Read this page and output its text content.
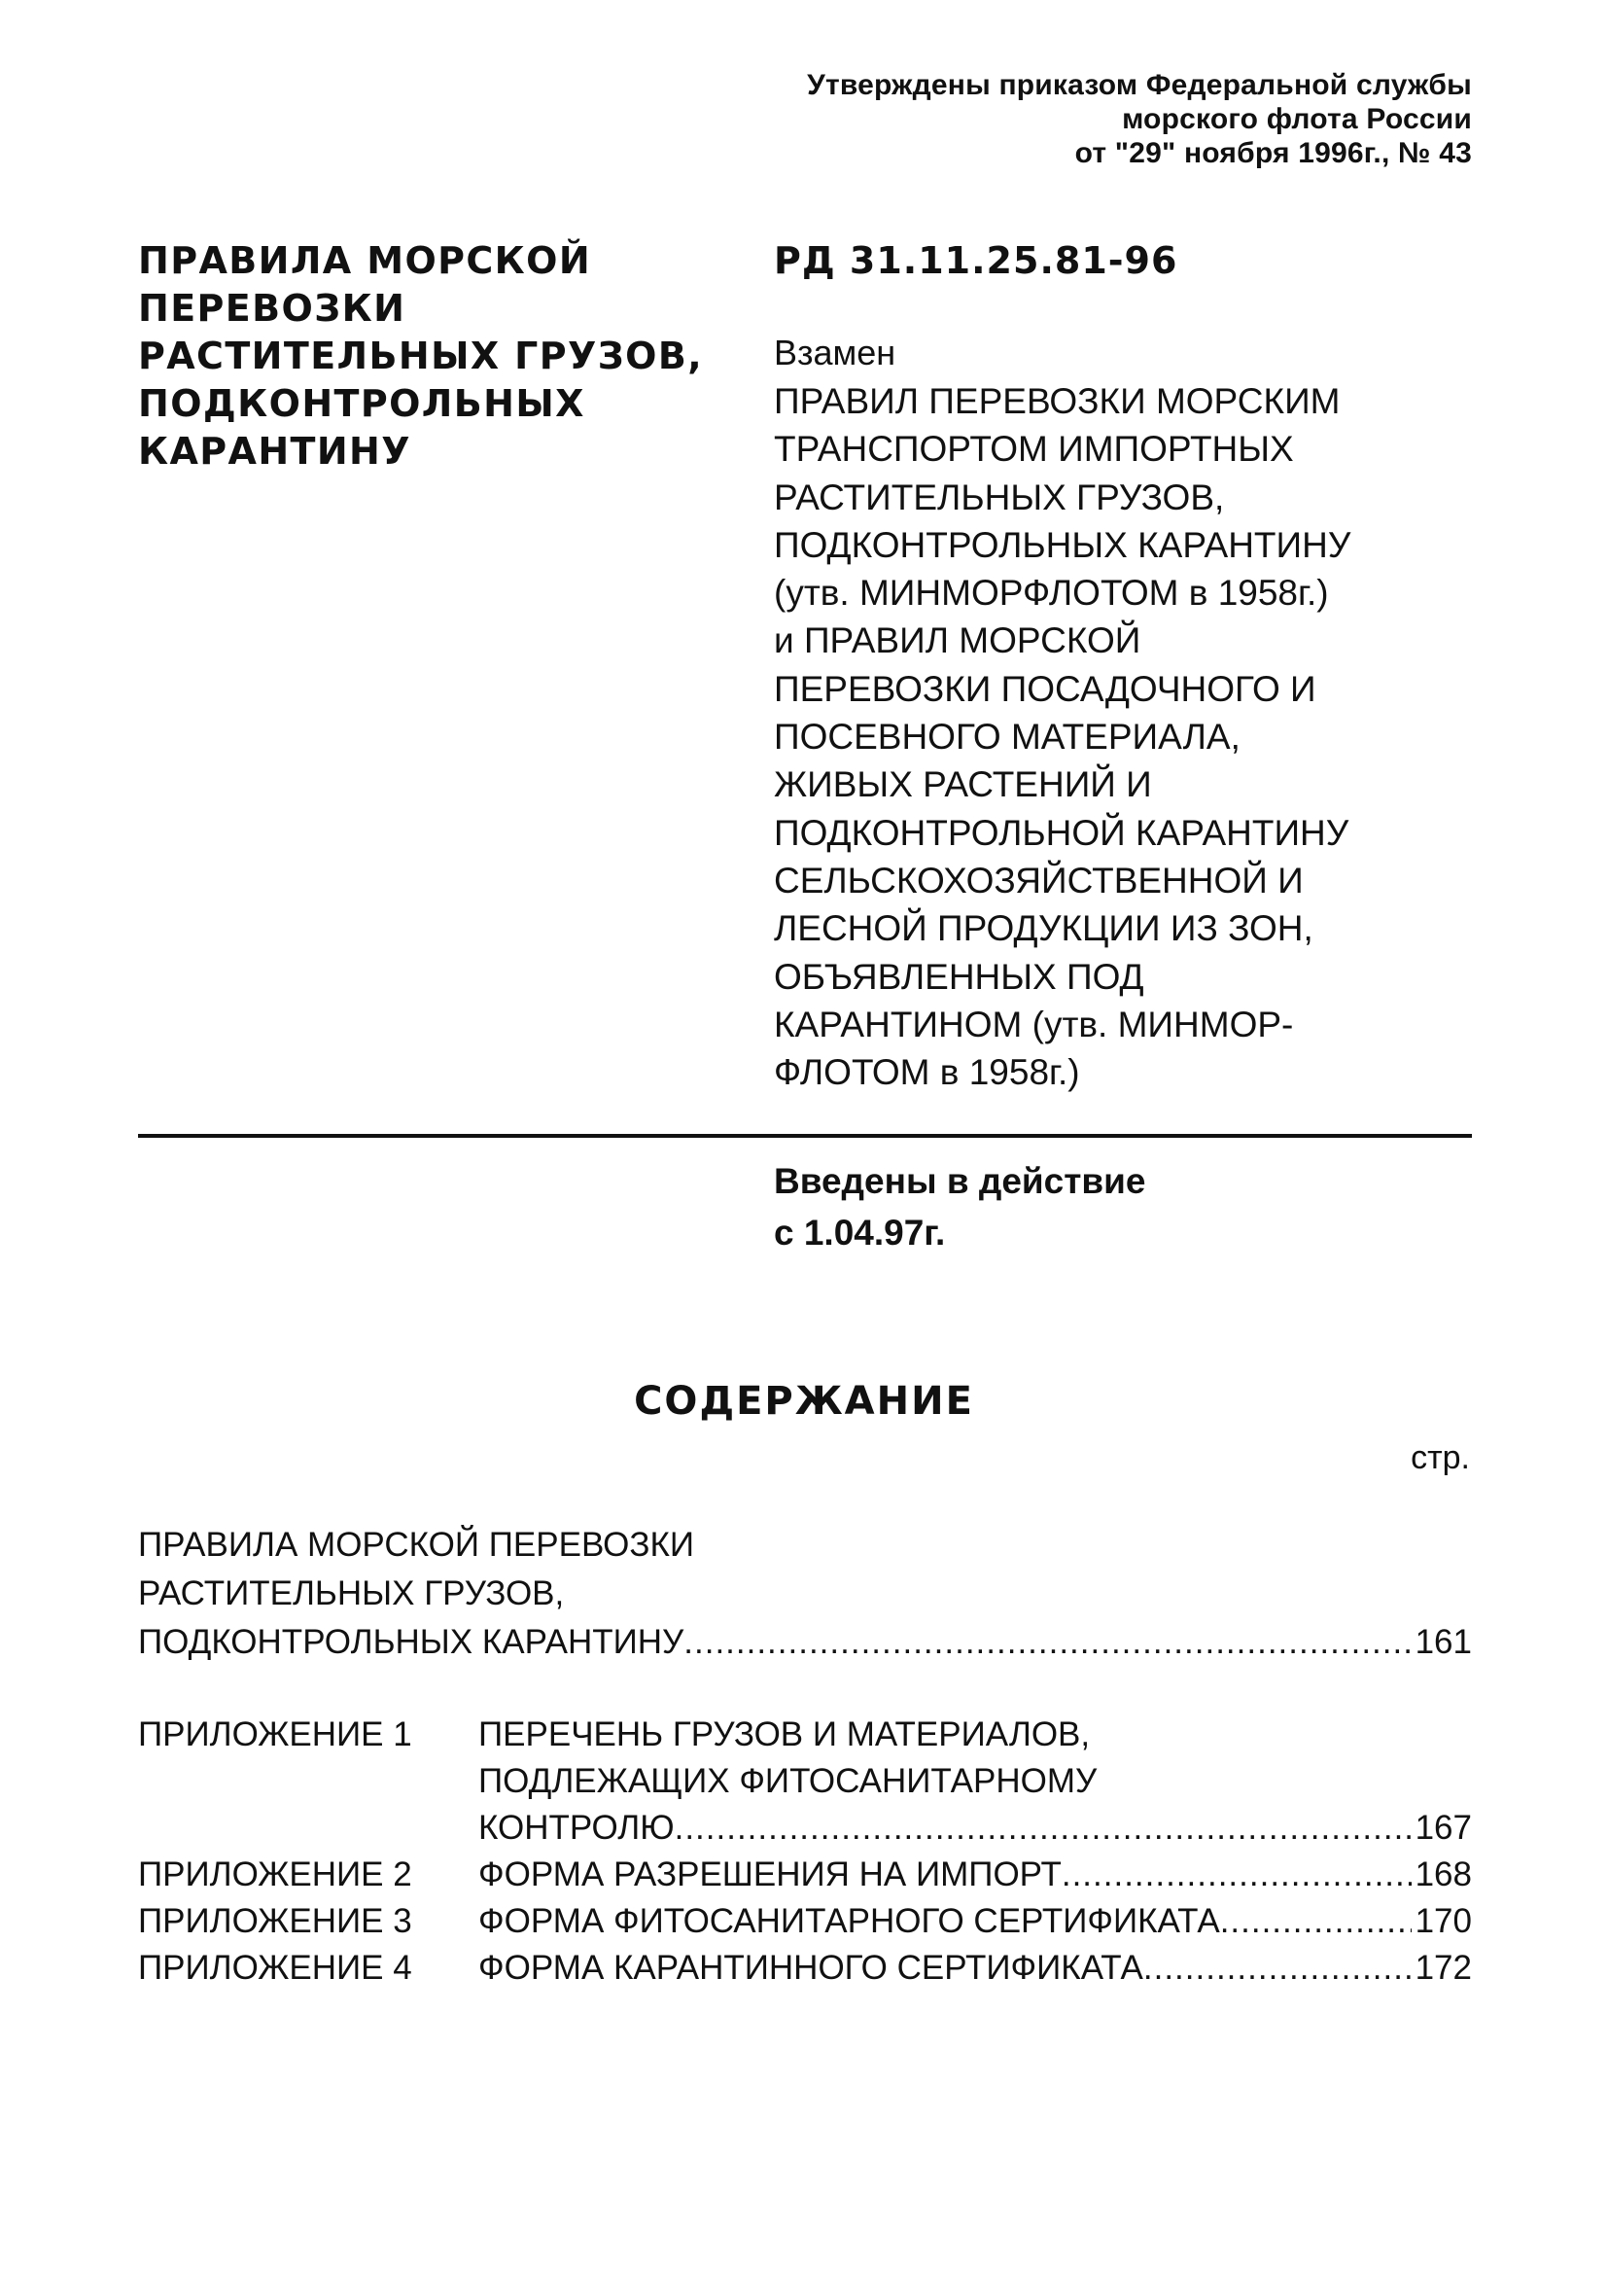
Утверждены приказом Федеральной службы
морского флота России
от "29" ноября 1996г., № 43
ПРАВИЛА МОРСКОЙ
ПЕРЕВОЗКИ
РАСТИТЕЛЬНЫХ ГРУЗОВ,
ПОДКОНТРОЛЬНЫХ
КАРАНТИНУ
РД 31.11.25.81-96
Взамен
ПРАВИЛ ПЕРЕВОЗКИ МОРСКИМ
ТРАНСПОРТОМ ИМПОРТНЫХ
РАСТИТЕЛЬНЫХ ГРУЗОВ,
ПОДКОНТРОЛЬНЫХ КАРАНТИНУ
(утв. МИНМОРФЛОТОМ в 1958г.)
и ПРАВИЛ МОРСКОЙ
ПЕРЕВОЗКИ ПОСАДОЧНОГО И
ПОСЕВНОГО МАТЕРИАЛА,
ЖИВЫХ РАСТЕНИЙ И
ПОДКОНТРОЛЬНОЙ КАРАНТИНУ
СЕЛЬСКОХОЗЯЙСТВЕННОЙ И
ЛЕСНОЙ ПРОДУКЦИИ ИЗ ЗОН,
ОБЪЯВЛЕННЫХ ПОД
КАРАНТИНОМ (утв. МИНМОР-
ФЛОТОМ в 1958г.)
Введены в действие
с 1.04.97г.
СОДЕРЖАНИЕ
стр.
ПРАВИЛА МОРСКОЙ ПЕРЕВОЗКИ
РАСТИТЕЛЬНЫХ ГРУЗОВ,
ПОДКОНТРОЛЬНЫХ КАРАНТИНУ .....	161
ПРИЛОЖЕНИЕ 1	ПЕРЕЧЕНЬ ГРУЗОВ И МАТЕРИАЛОВ,
ПОДЛЕЖАЩИХ ФИТОСАНИТАРНОМУ
КОНТРОЛЮ .....	167
ПРИЛОЖЕНИЕ 2	ФОРМА РАЗРЕШЕНИЯ НА ИМПОРТ .....	168
ПРИЛОЖЕНИЕ 3	ФОРМА ФИТОСАНИТАРНОГО СЕРТИФИКАТА .....	170
ПРИЛОЖЕНИЕ 4	ФОРМА КАРАНТИННОГО СЕРТИФИКАТА .....	172
